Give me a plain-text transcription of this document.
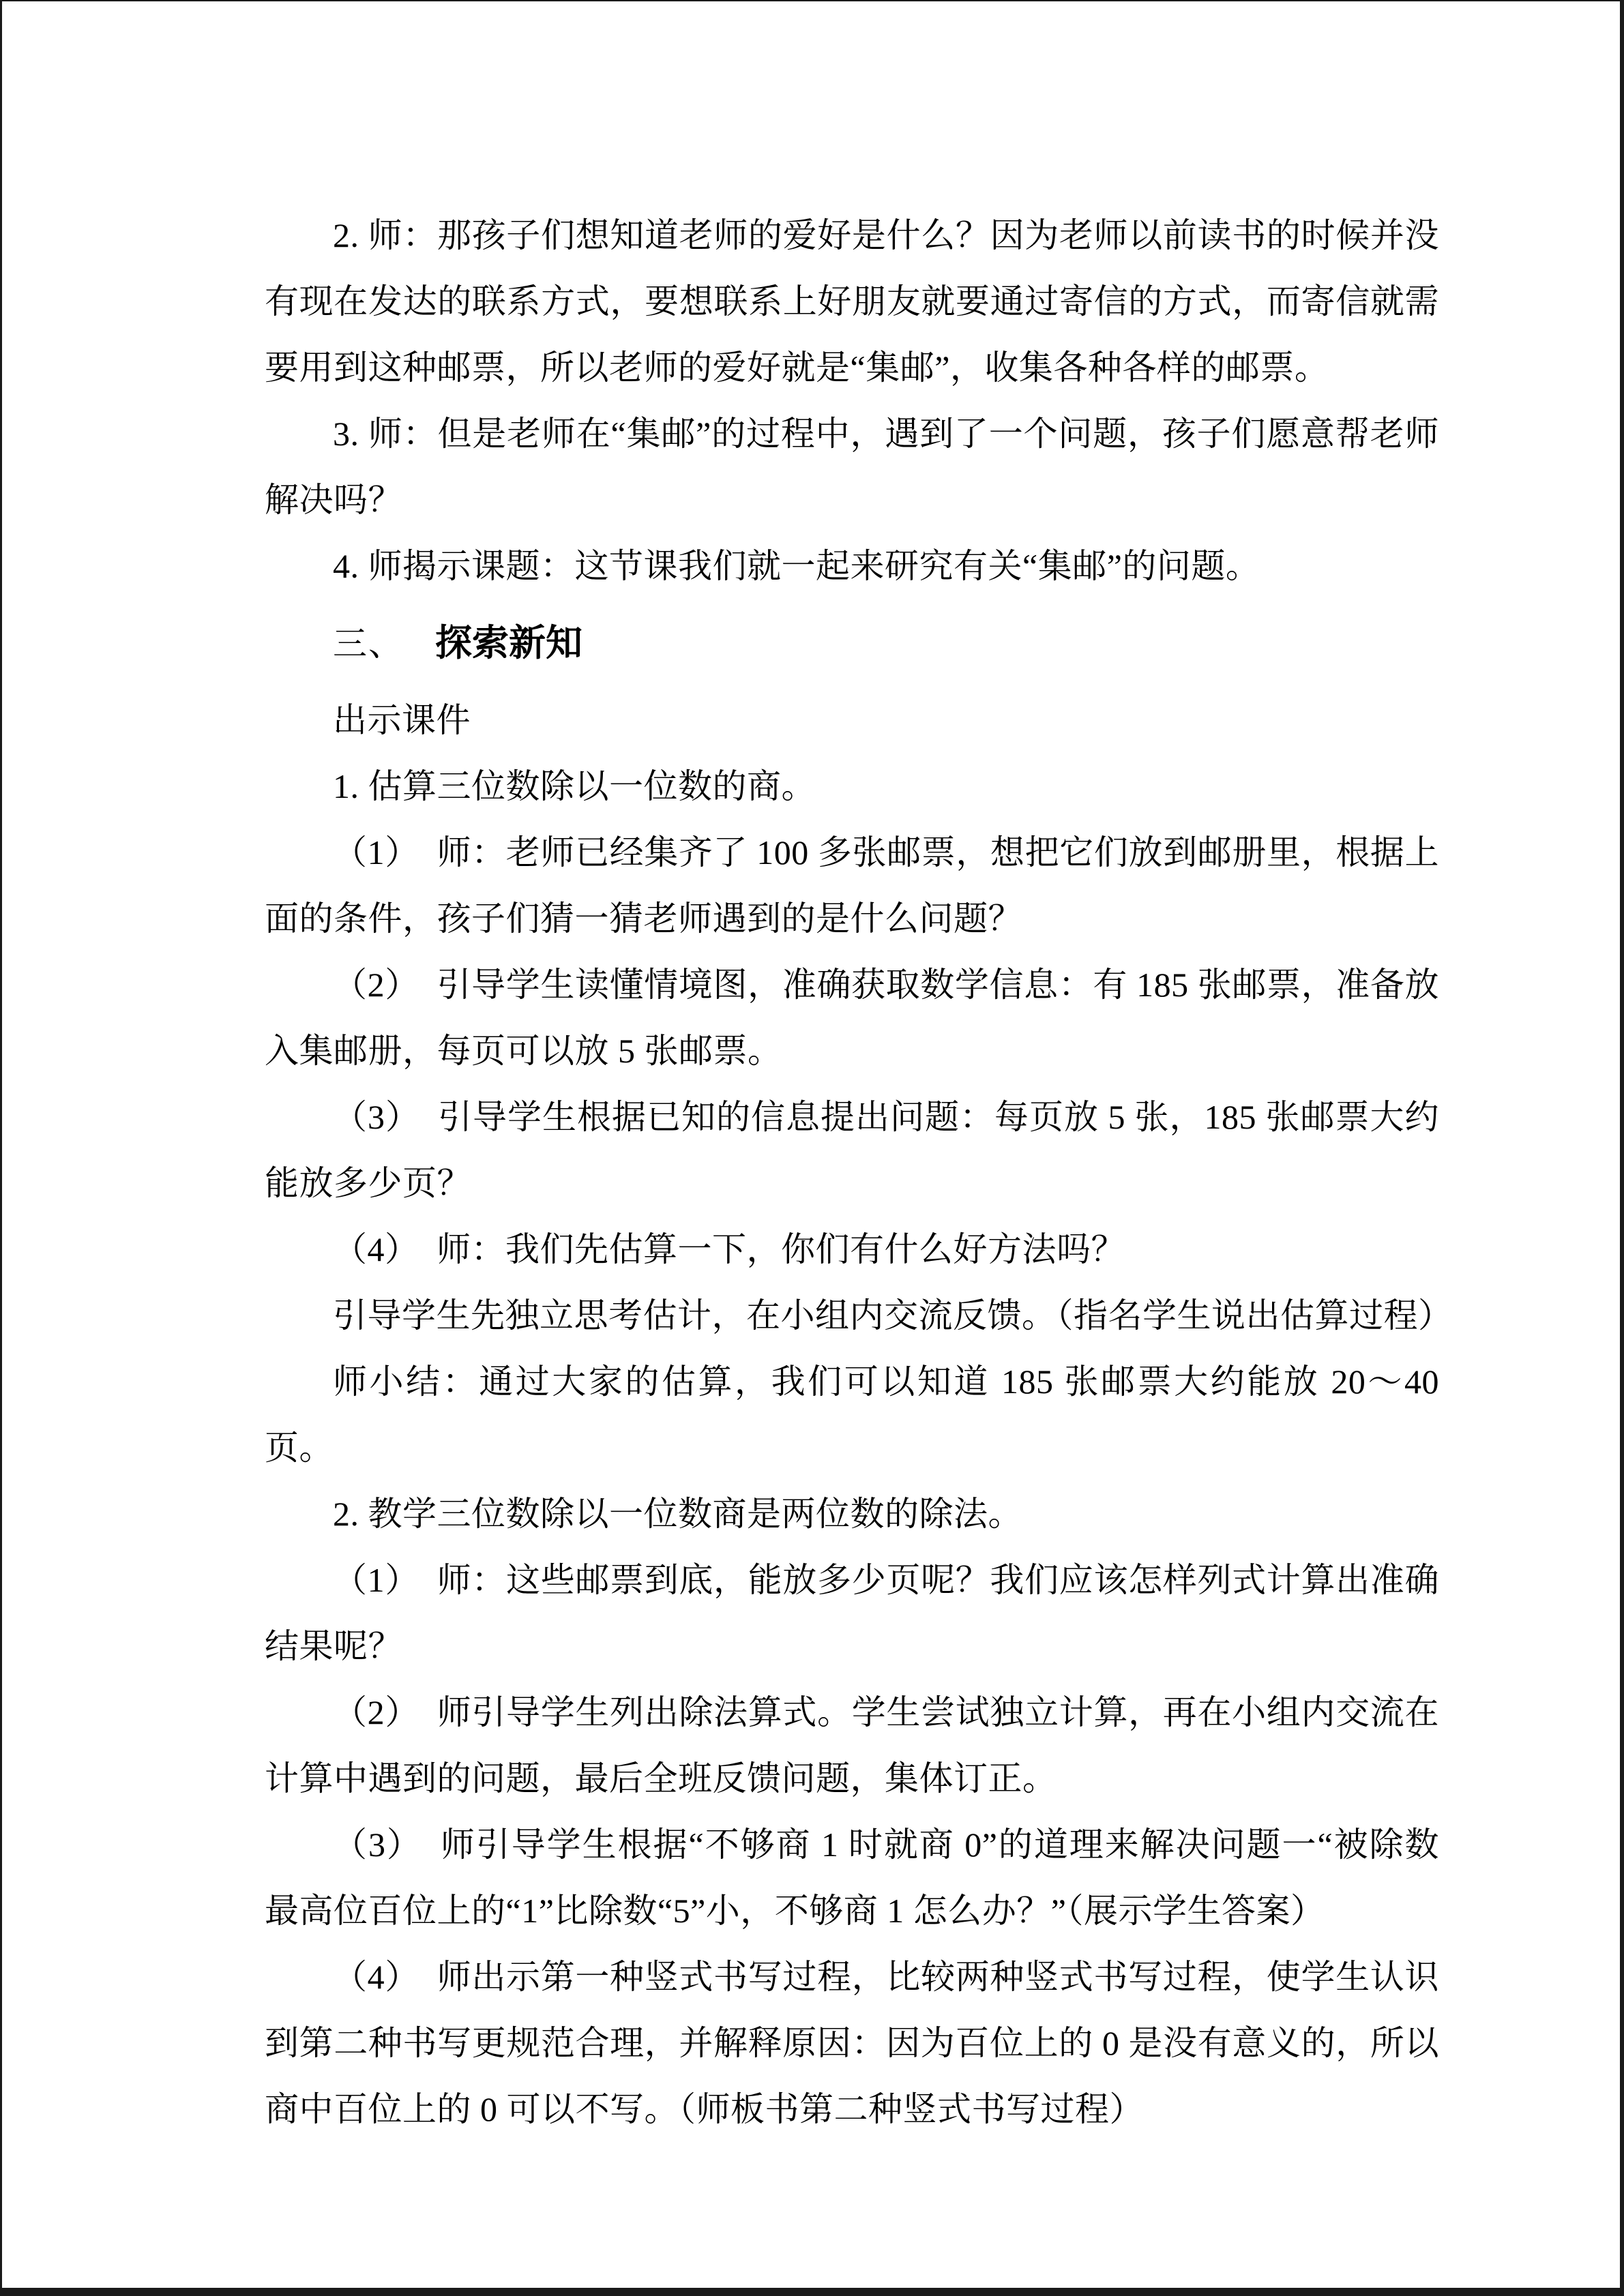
2. 师：那孩子们想知道老师的爱好是什么？因为老师以前读书的时候并没有现在发达的联系方式，要想联系上好朋友就要通过寄信的方式，而寄信就需要用到这种邮票，所以老师的爱好就是“集邮”，收集各种各样的邮票。

3. 师：但是老师在“集邮”的过程中，遇到了一个问题，孩子们愿意帮老师解决吗？

4. 师揭示课题：这节课我们就一起来研究有关“集邮”的问题。

三、 探索新知

出示课件

1. 估算三位数除以一位数的商。

（1）　师：老师已经集齐了 100 多张邮票，想把它们放到邮册里，根据上面的条件，孩子们猜一猜老师遇到的是什么问题？

（2）　引导学生读懂情境图，准确获取数学信息：有 185 张邮票，准备放入集邮册，每页可以放 5 张邮票。

（3）　引导学生根据已知的信息提出问题：每页放 5 张，185 张邮票大约能放多少页？

（4）　师：我们先估算一下，你们有什么好方法吗？

引导学生先独立思考估计，在小组内交流反馈。（指名学生说出估算过程）

师小结：通过大家的估算，我们可以知道 185 张邮票大约能放 20～40 页。

2. 教学三位数除以一位数商是两位数的除法。

（1）　师：这些邮票到底，能放多少页呢？我们应该怎样列式计算出准确结果呢？

（2）　师引导学生列出除法算式。学生尝试独立计算，再在小组内交流在计算中遇到的问题，最后全班反馈问题，集体订正。

（3）　师引导学生根据“不够商 1 时就商 0”的道理来解决问题一“被除数最高位百位上的“1”比除数“5”小，不够商 1 怎么办？”（展示学生答案）

（4）　师出示第一种竖式书写过程，比较两种竖式书写过程，使学生认识到第二种书写更规范合理，并解释原因：因为百位上的 0 是没有意义的，所以商中百位上的 0 可以不写。（师板书第二种竖式书写过程）
